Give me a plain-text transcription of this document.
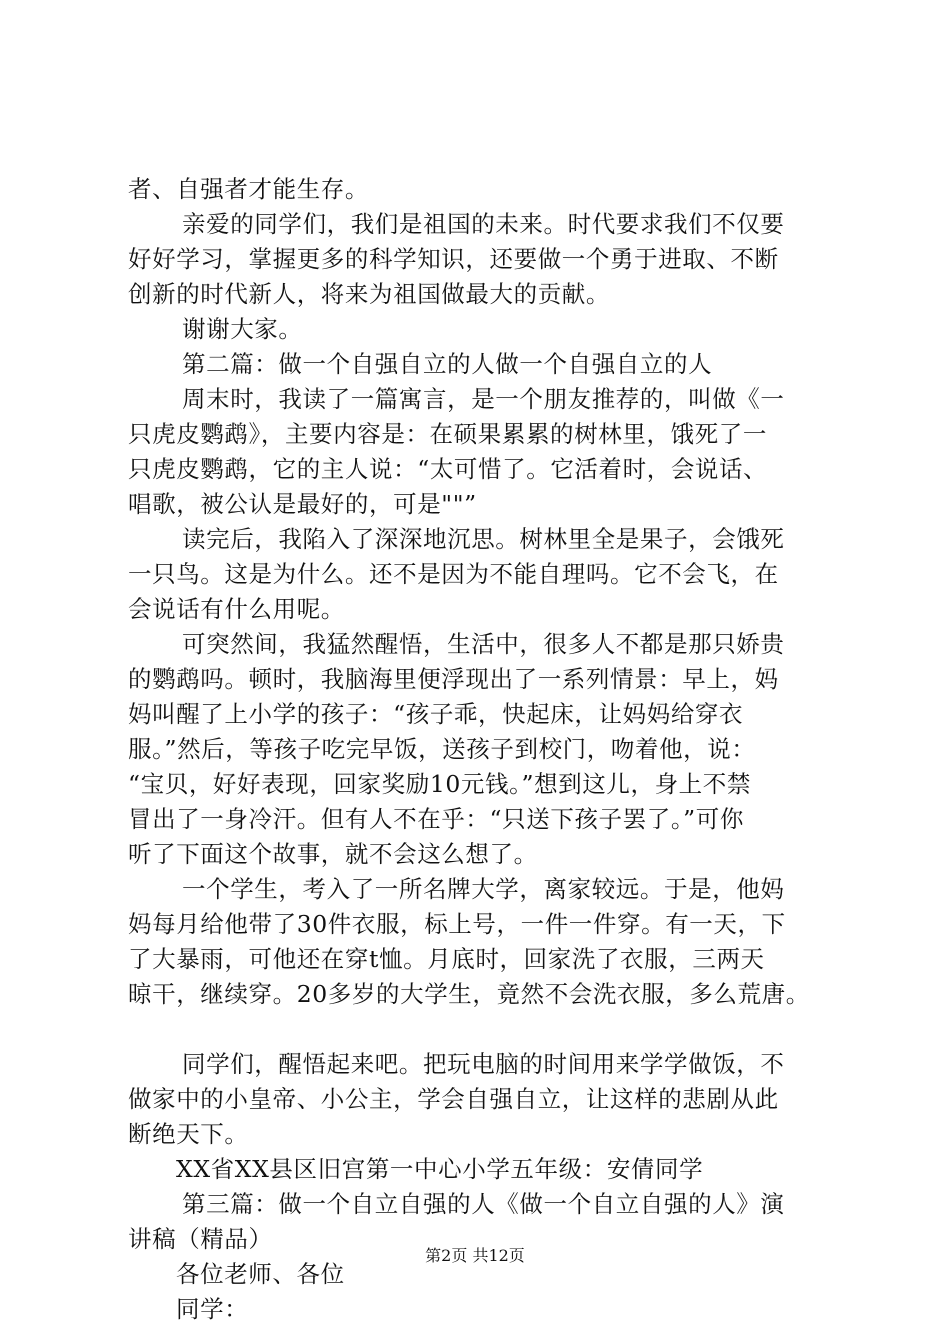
者、自强者才能生存。
亲爱的同学们，我们是祖国的未来。时代要求我们不仅要
好好学习，掌握更多的科学知识，还要做一个勇于进取、不断
创新的时代新人，将来为祖国做最大的贡献。
谢谢大家。
第二篇：做一个自强自立的人做一个自强自立的人
周末时，我读了一篇寓言，是一个朋友推荐的，叫做《一
只虎皮鹦鹉》，主要内容是：在硕果累累的树林里，饿死了一
只虎皮鹦鹉，它的主人说：“太可惜了。它活着时，会说话、
唱歌，被公认是最好的，可是""”
读完后，我陷入了深深地沉思。树林里全是果子，会饿死
一只鸟。这是为什么。还不是因为不能自理吗。它不会飞，在
会说话有什么用呢。
可突然间，我猛然醒悟，生活中，很多人不都是那只娇贵
的鹦鹉吗。顿时，我脑海里便浮现出了一系列情景：早上，妈
妈叫醒了上小学的孩子：“孩子乖，快起床，让妈妈给穿衣
服。”然后，等孩子吃完早饭，送孩子到校门，吻着他，说：
“宝贝，好好表现，回家奖励10元钱。”想到这儿，身上不禁
冒出了一身冷汗。但有人不在乎：“只送下孩子罢了。”可你
听了下面这个故事，就不会这么想了。
一个学生，考入了一所名牌大学，离家较远。于是，他妈
妈每月给他带了30件衣服，标上号，一件一件穿。有一天，下
了大暴雨，可他还在穿t恤。月底时，回家洗了衣服，三两天
晾干，继续穿。20多岁的大学生，竟然不会洗衣服，多么荒唐。
同学们，醒悟起来吧。把玩电脑的时间用来学学做饭，不
做家中的小皇帝、小公主，学会自强自立，让这样的悲剧从此
断绝天下。
XX省XX县区旧宫第一中心小学五年级：安倩同学
第三篇：做一个自立自强的人《做一个自立自强的人》演
讲稿（精品）
各位老师、各位
同学：
第2页 共12页
